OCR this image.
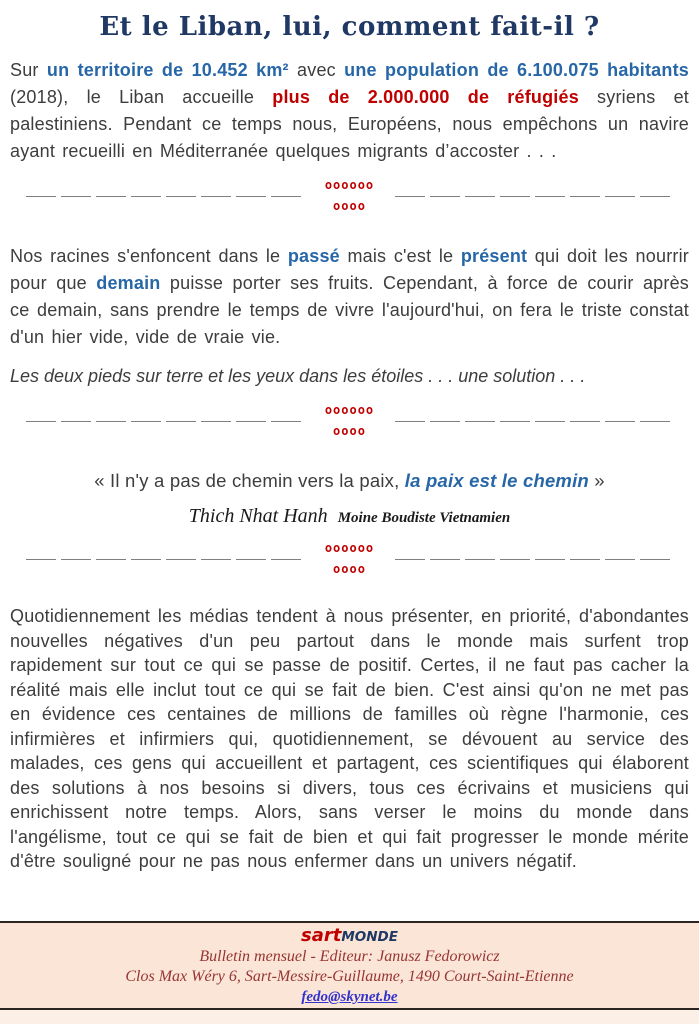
Et le Liban, lui, comment fait-il ?

Sur un territoire de 10.452 km² avec une population de 6.100.075 habitants (2018), le Liban accueille plus de 2.000.000 de réfugiés syriens et palestiniens. Pendant ce temps nous, Européens, nous empêchons un navire ayant recueilli en Méditerranée quelques migrants d’accoster . . .

oooooo
oooo

Nos racines s'enfoncent dans le passé mais c'est le présent qui doit les nourrir pour que demain puisse porter ses fruits. Cependant, à force de courir après ce demain, sans prendre le temps de vivre l'aujourd'hui, on fera le triste constat d'un hier vide, vide de vraie vie.

Les deux pieds sur terre et les yeux dans les étoiles . . . une solution . . .

oooooo
oooo

« Il n'y a pas de chemin vers la paix, la paix est le chemin »

Thich Nhat Hanh Moine Boudiste Vietnamien

oooooo
oooo

Quotidiennement les médias tendent à nous présenter, en priorité, d'abondantes nouvelles négatives d'un peu partout dans le monde mais surfent trop rapidement sur tout ce qui se passe de positif. Certes, il ne faut pas cacher la réalité mais elle inclut tout ce qui se fait de bien. C'est ainsi qu'on ne met pas en évidence ces centaines de millions de familles où règne l'harmonie, ces infirmières et infirmiers qui, quotidiennement, se dévouent au service des malades, ces gens qui accueillent et partagent, ces scientifiques qui élaborent des solutions à nos besoins si divers, tous ces écrivains et musiciens qui enrichissent notre temps. Alors, sans verser le moins du monde dans l'angélisme, tout ce qui se fait de bien et qui fait progresser le monde mérite d'être souligné pour ne pas nous enfermer dans un univers négatif.

sartMONDE
Bulletin mensuel - Editeur: Janusz Fedorowicz
Clos Max Wéry 6, Sart-Messire-Guillaume, 1490 Court-Saint-Etienne
fedo@skynet.be
